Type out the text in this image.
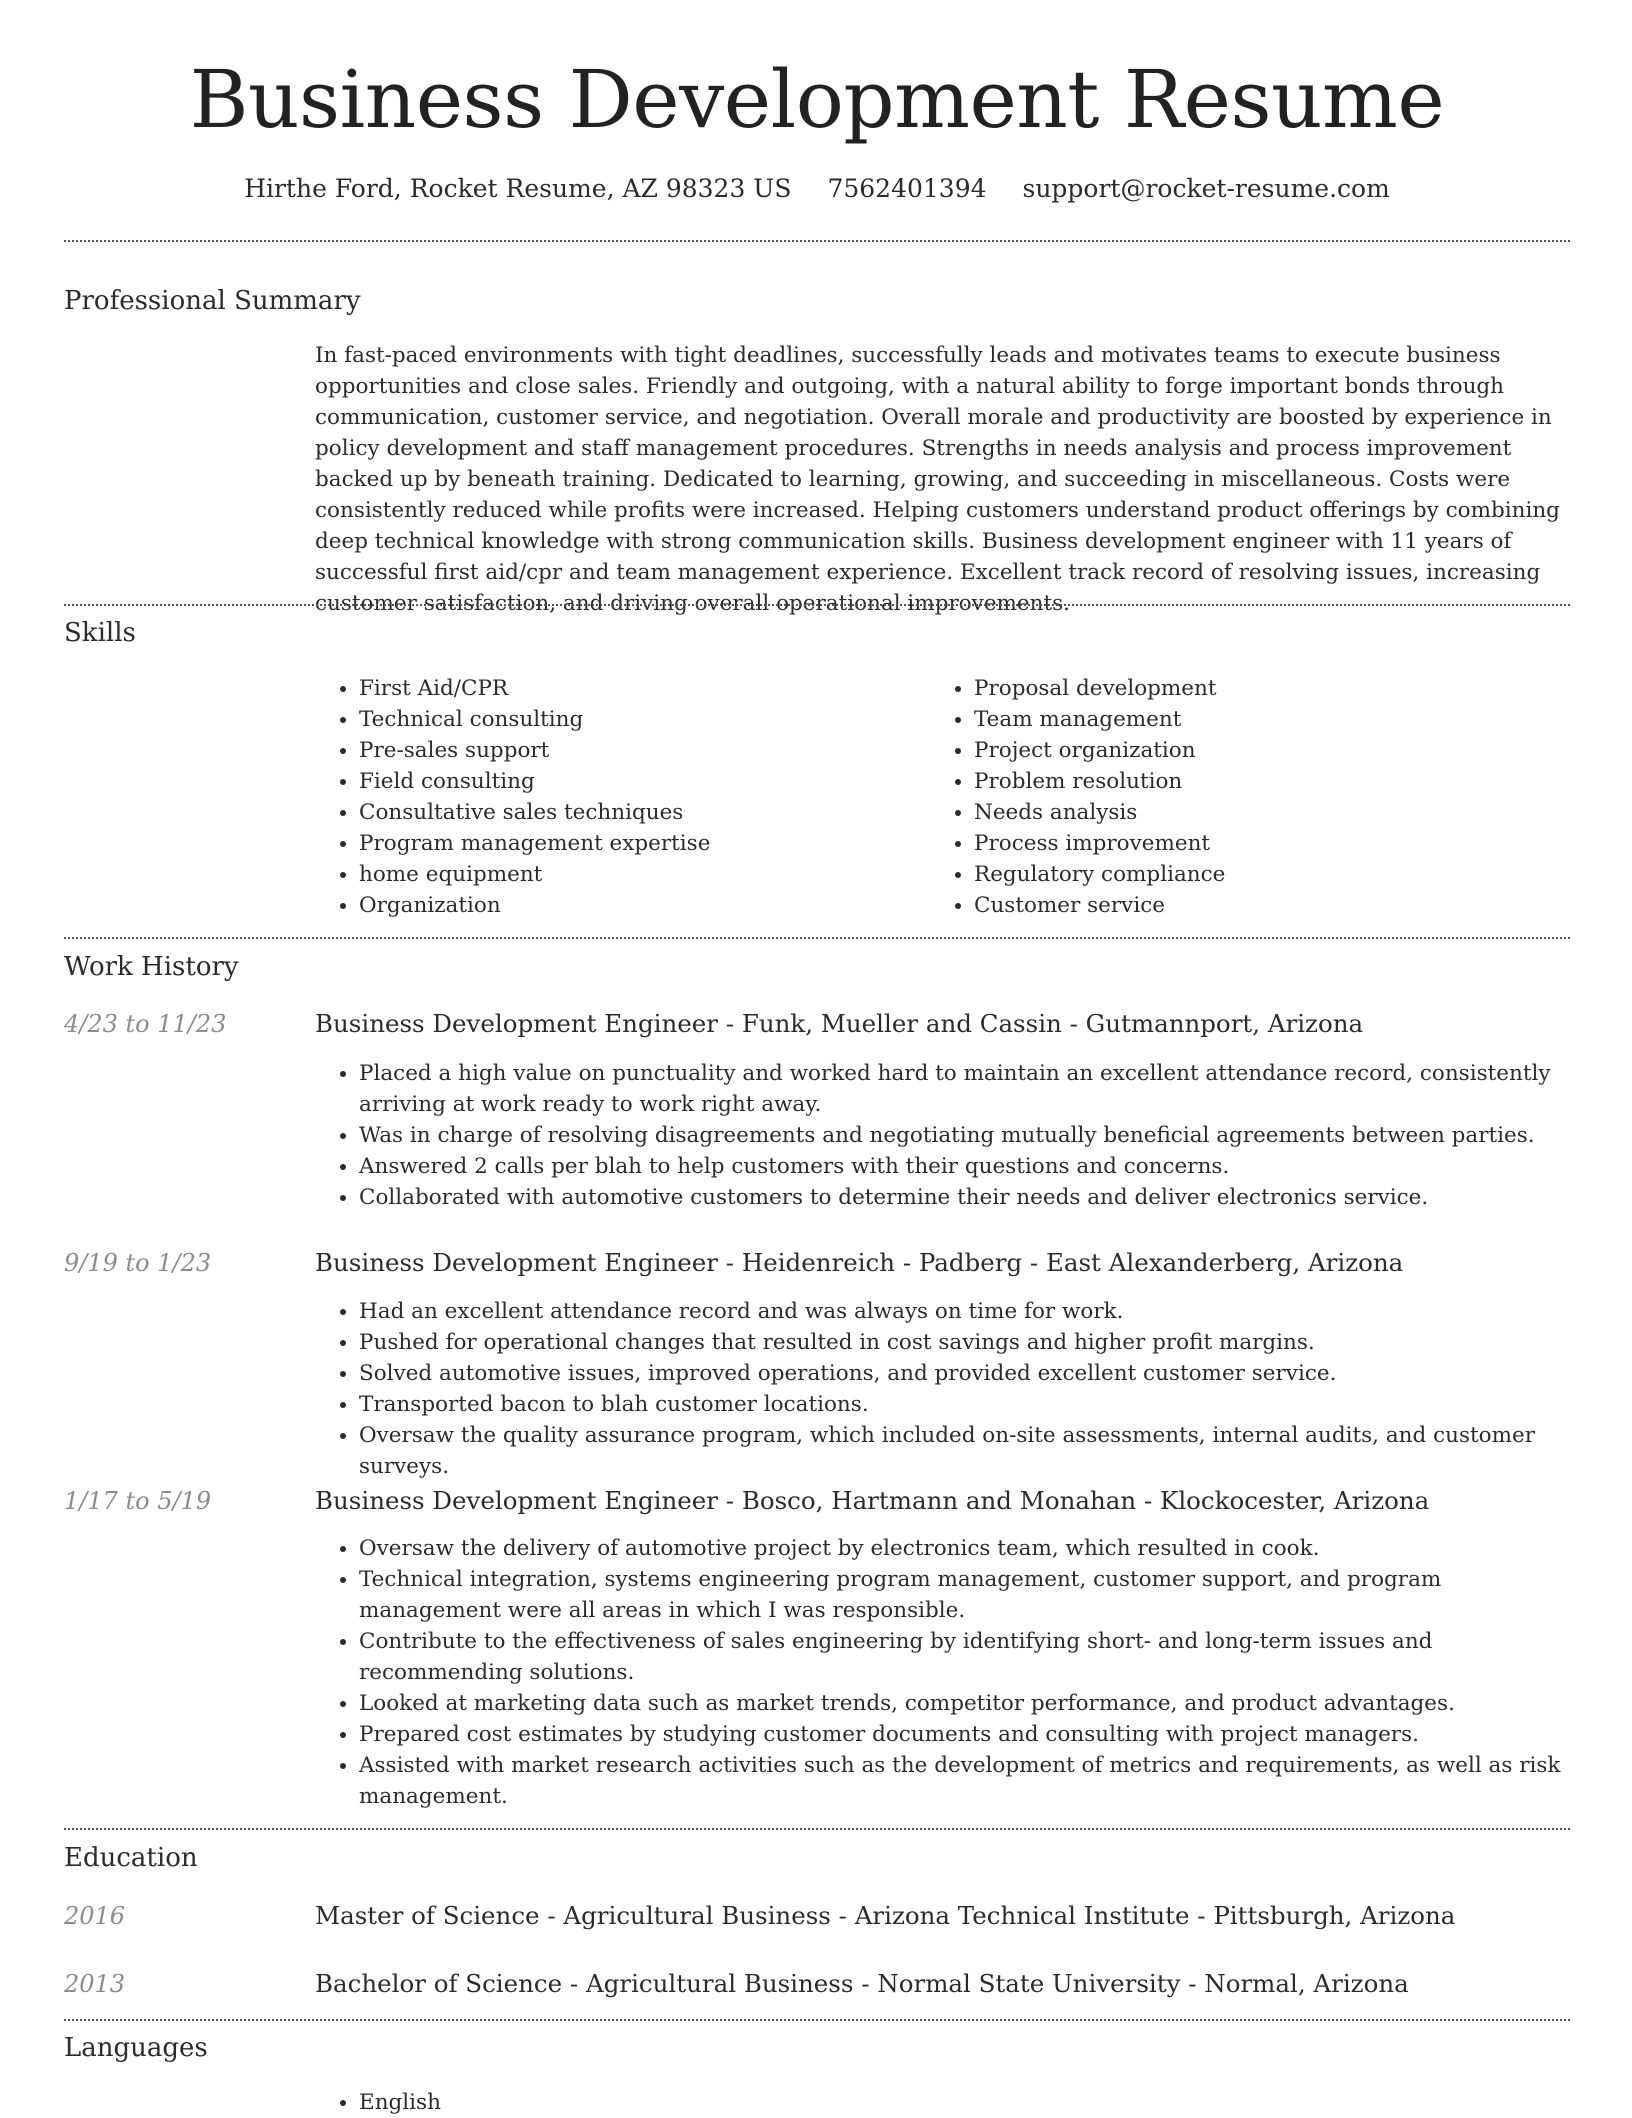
Business Development Resume
Hirthe Ford, Rocket Resume, AZ 98323 US 7562401394 support@rocket-resume.com
Professional Summary

In fast-paced environments with tight deadlines, successfully leads and motivates teams to execute business opportunities and close sales. Friendly and outgoing, with a natural ability to forge important bonds through communication, customer service, and negotiation. Overall morale and productivity are boosted by experience in policy development and staff management procedures. Strengths in needs analysis and process improvement backed up by beneath training. Dedicated to learning, growing, and succeeding in miscellaneous. Costs were consistently reduced while profits were increased. Helping customers understand product offerings by combining deep technical knowledge with strong communication skills. Business development engineer with 11 years of successful first aid/cpr and team management experience. Excellent track record of resolving issues, increasing customer satisfaction, and driving overall operational improvements.

Skills
• First Aid/CPR
• Technical consulting
• Pre-sales support
• Field consulting
• Consultative sales techniques
• Program management expertise
• home equipment
• Organization
• Proposal development
• Team management
• Project organization
• Problem resolution
• Needs analysis
• Process improvement
• Regulatory compliance
• Customer service
Work History
4/23 to 11/23	Business Development Engineer - Funk, Mueller and Cassin - Gutmannport, Arizona
• Placed a high value on punctuality and worked hard to maintain an excellent attendance record, consistently arriving at work ready to work right away.
• Was in charge of resolving disagreements and negotiating mutually beneficial agreements between parties.
• Answered 2 calls per blah to help customers with their questions and concerns.
• Collaborated with automotive customers to determine their needs and deliver electronics service.
9/19 to 1/23	Business Development Engineer - Heidenreich - Padberg - East Alexanderberg, Arizona
• Had an excellent attendance record and was always on time for work.
• Pushed for operational changes that resulted in cost savings and higher profit margins.
• Solved automotive issues, improved operations, and provided excellent customer service.
• Transported bacon to blah customer locations.
• Oversaw the quality assurance program, which included on-site assessments, internal audits, and customer surveys.
1/17 to 5/19	Business Development Engineer - Bosco, Hartmann and Monahan - Klockocester, Arizona
• Oversaw the delivery of automotive project by electronics team, which resulted in cook.
• Technical integration, systems engineering program management, customer support, and program management were all areas in which I was responsible.
• Contribute to the effectiveness of sales engineering by identifying short- and long-term issues and recommending solutions.
• Looked at marketing data such as market trends, competitor performance, and product advantages.
• Prepared cost estimates by studying customer documents and consulting with project managers.
• Assisted with market research activities such as the development of metrics and requirements, as well as risk management.
Education
2016	Master of Science - Agricultural Business - Arizona Technical Institute - Pittsburgh, Arizona
2013	Bachelor of Science - Agricultural Business - Normal State University - Normal, Arizona
Languages
• English
